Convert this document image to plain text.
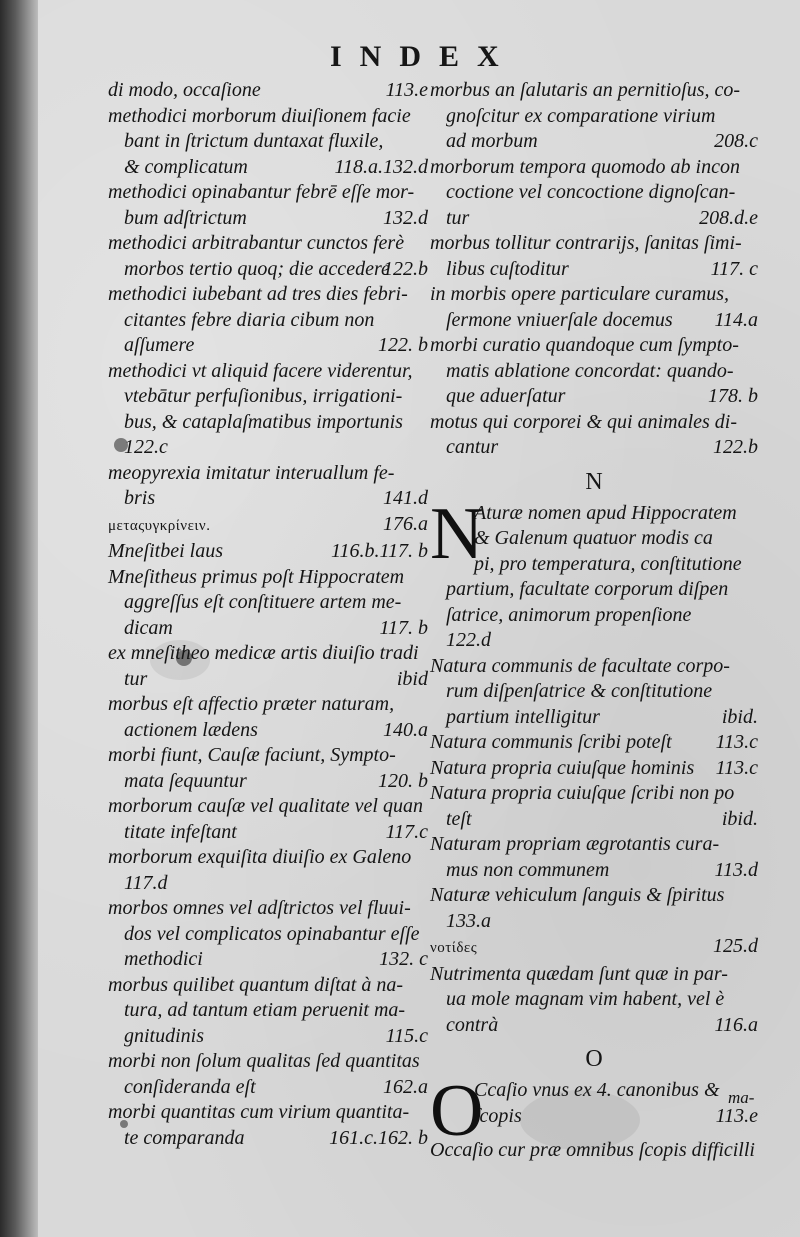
INDEX
113.e
di modo, occaſione
methodici morborum diuiſionem facie
bant in ſtrictum duntaxat fluxile,
118.a.132.d
& complicatum
methodici opinabantur febrē eſſe mor-
132.d
bum adſtrictum
methodici arbitrabantur cunctos ferè
122.b
morbos tertio quoq; die accedere
methodici iubebant ad tres dies febri-
citantes febre diaria cibum non
122. b
aſſumere
methodici vt aliquid facere viderentur,
vtebātur perfuſionibus, irrigationi-
bus, & cataplaſmatibus importunis
122.c
meopyrexia imitatur interuallum fe-
141.d
bris
176.a
μεταςυγκρίνειν.
116.b.117. b
Mneſitbei laus
Mneſitheus primus poſt Hippocratem
aggreſſus eſt conſtituere artem me-
117. b
dicam
ex mneſitheo medicæ artis diuiſio tradi
ibid
tur
morbus eſt affectio præter naturam,
140.a
actionem lædens
morbi fiunt, Cauſæ faciunt, Sympto-
120. b
mata ſequuntur
morborum cauſæ vel qualitate vel quan
117.c
titate infeſtant
morborum exquiſita diuiſio ex Galeno
117.d
morbos omnes vel adſtrictos vel fluui-
dos vel complicatos opinabantur eſſe
132. c
methodici
morbus quilibet quantum diſtat à na-
tura, ad tantum etiam peruenit ma-
115.c
gnitudinis
morbi non ſolum qualitas ſed quantitas
162.a
conſideranda eſt
morbi quantitas cum virium quantita-
161.c.162. b
te comparanda
morbus an ſalutaris an pernitioſus, co-
gnoſcitur ex comparatione virium
208.c
ad morbum
morborum tempora quomodo ab incon
coctione vel concoctione dignoſcan-
208.d.e
tur
morbus tollitur contrarijs, ſanitas ſimi-
117. c
libus cuſtoditur
in morbis opere particulare curamus,
114.a
ſermone vniuerſale docemus
morbi curatio quandoque cum ſympto-
matis ablatione concordat: quando-
178. b
que aduerſatur
motus qui corporei & qui animales di-
122.b
cantur
N
N
Aturæ nomen apud Hippocratem
& Galenum quatuor modis ca
pi, pro temperatura, conſtitutione
partium, facultate corporum diſpen
ſatrice, animorum propenſione
122.d
Natura communis de facultate corpo-
rum diſpenſatrice & conſtitutione
ibid.
partium intelligitur
113.c
Natura communis ſcribi poteſt
113.c
Natura propria cuiuſque hominis
Natura propria cuiuſque ſcribi non po
ibid.
teſt
Naturam propriam ægrotantis cura-
113.d
mus non communem
Naturæ vehiculum ſanguis & ſpiritus
133.a
125.d
νοτίδες
Nutrimenta quædam ſunt quæ in par-
ua mole magnam vim habent, vel è
116.a
contrà
O
O
Ccaſio vnus ex 4. canonibus &
113.e
ſcopis
Occaſio cur præ omnibus ſcopis difficilli
ma-
